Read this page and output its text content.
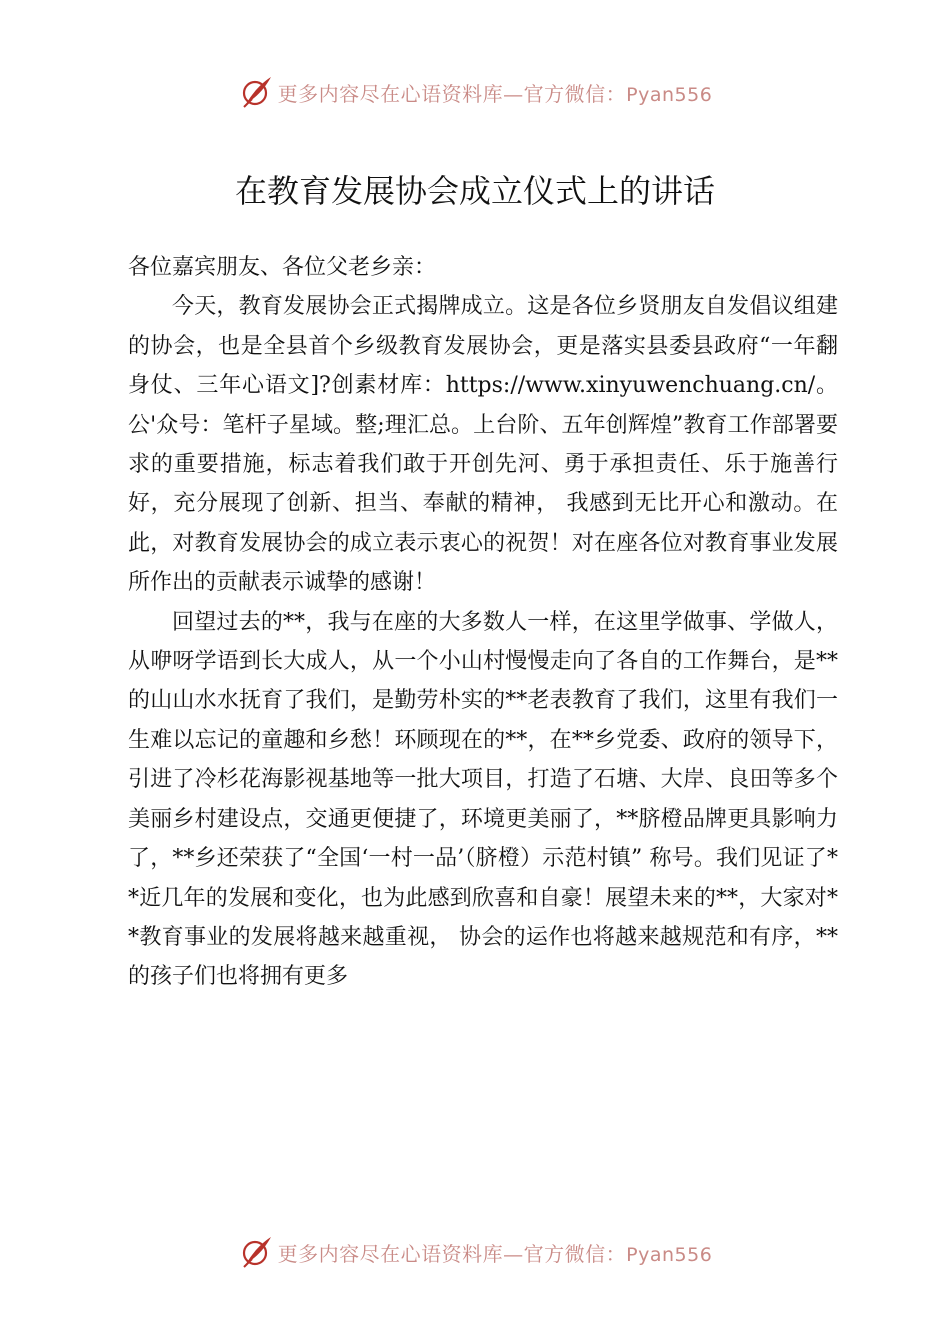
更多内容尽在心语资料库—官方微信：Pyan556
在教育发展协会成立仪式上的讲话

各位嘉宾朋友、各位父老乡亲：

今天，教育发展协会正式揭牌成立。这是各位乡贤朋友自发倡议组建的协会，也是全县首个乡级教育发展协会，更是落实县委县政府“一年翻身仗、三年心语文]?创素材库：https://www.xinyuwenchuang.cn/。公'众号：笔杆子星域。整;理汇总。上台阶、五年创辉煌”教育工作部署要求的重要措施，标志着我们敢于开创先河、勇于承担责任、乐于施善行好，充分展现了创新、担当、奉献的精神， 我感到无比开心和激动。在此，对教育发展协会的成立表示衷心的祝贺！对在座各位对教育事业发展所作出的贡献表示诚挚的感谢！

回望过去的**，我与在座的大多数人一样，在这里学做事、学做人，从咿呀学语到长大成人，从一个小山村慢慢走向了各自的工作舞台，是**的山山水水抚育了我们，是勤劳朴实的**老表教育了我们，这里有我们一生难以忘记的童趣和乡愁！环顾现在的**，在**乡党委、政府的领导下，引进了冷杉花海影视基地等一批大项目，打造了石塘、大岸、良田等多个美丽乡村建设点，交通更便捷了，环境更美丽了，**脐橙品牌更具影响力了，**乡还荣获了“全国‘一村一品’（脐橙）示范村镇” 称号。我们见证了**近几年的发展和变化，也为此感到欣喜和自豪！展望未来的**，大家对**教育事业的发展将越来越重视， 协会的运作也将越来越规范和有序，**的孩子们也将拥有更多

更多内容尽在心语资料库—官方微信：Pyan556
